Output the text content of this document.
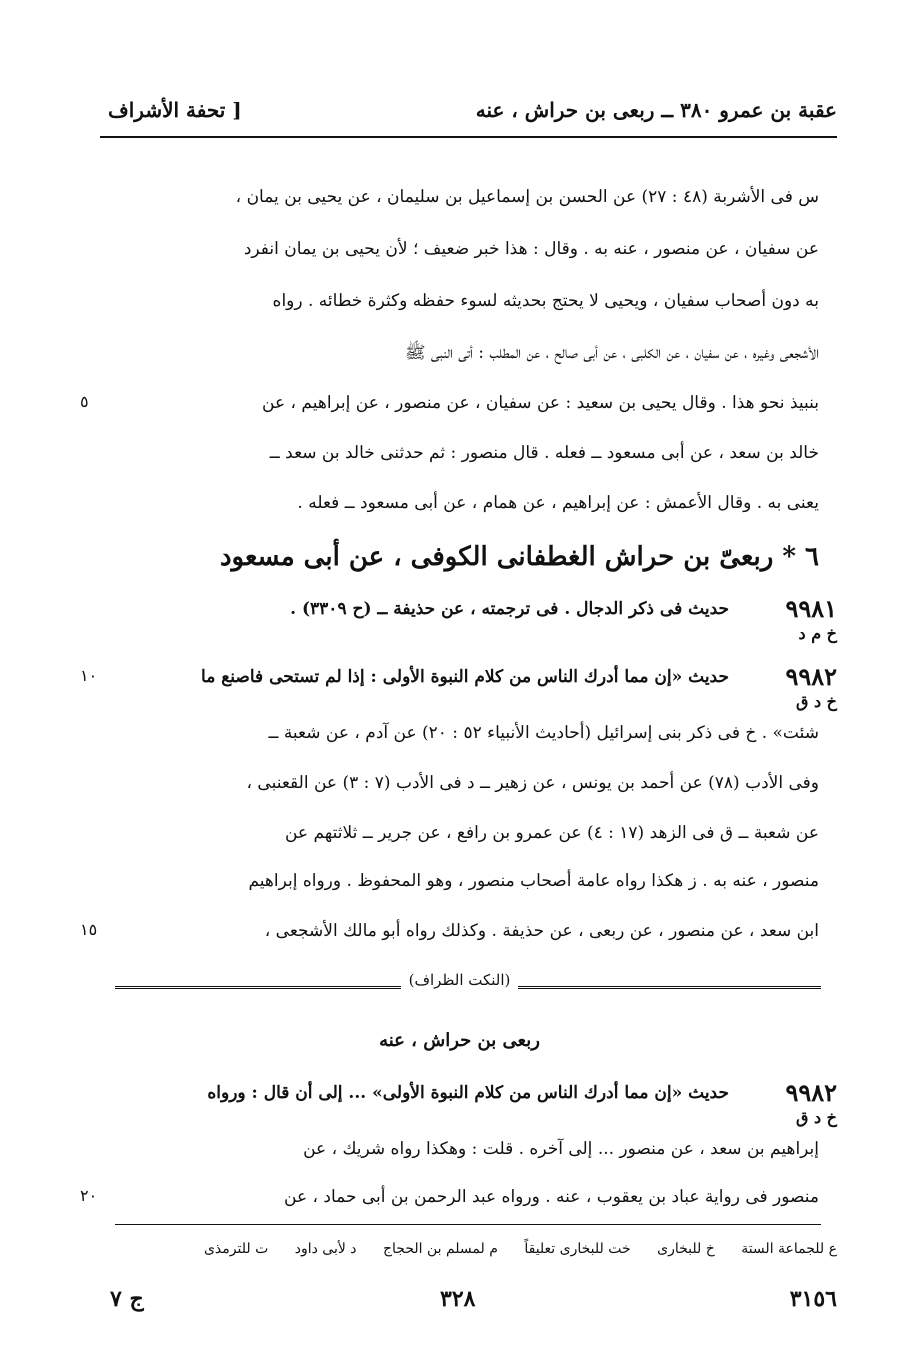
عقبة بن عمرو ٣٨٠ ــ ربعى بن حراش ، عنه
[ تحفة الأشراف
س فى الأشربة (٤٨ : ٢٧) عن الحسن بن إسماعيل بن سليمان ، عن يحيى بن يمان ،
عن سفيان ، عن منصور ، عنه به . وقال : هذا خبر ضعيف ؛ لأن يحيى بن يمان انفرد
به دون أصحاب سفيان ، ويحيى لا يحتج بحديثه لسوء حفظه وكثرة خطائه . رواه
الأشجعى وغيره ، عن سفيان ، عن الكلبى ، عن أبى صالح ، عن المطلب : أتى النبى ﷺ
بنبيذ نحو هذا . وقال يحيى بن سعيد : عن سفيان ، عن منصور ، عن إبراهيم ، عن
٥
خالد بن سعد ، عن أبى مسعود ــ فعله . قال منصور : ثم حدثنى خالد بن سعد ــ
يعنى به . وقال الأعمش : عن إبراهيم ، عن همام ، عن أبى مسعود ــ فعله .
٦ * ربعىّ بن حراش الغطفانى الكوفى ، عن أبى مسعود
٩٩٨١
حديث فى ذكر الدجال . فى ترجمته ، عن حذيفة ــ (ح ٣٣٠٩) .
خ م د
٩٩٨٢
حديث «إن مما أدرك الناس من كلام النبوة الأولى : إذا لم تستحى فاصنع ما
١٠
خ د ق
شئت» . خ فى ذكر بنى إسرائيل (أحاديث الأنبياء ٥٢ : ٢٠) عن آدم ، عن شعبة ــ
وفى الأدب (٧٨) عن أحمد بن يونس ، عن زهير ــ د فى الأدب (٧ : ٣) عن القعنبى ،
عن شعبة ــ ق فى الزهد (١٧ : ٤) عن عمرو بن رافع ، عن جرير ــ ثلاثتهم عن
منصور ، عنه به . ز هكذا رواه عامة أصحاب منصور ، وهو المحفوظ . ورواه إبراهيم
ابن سعد ، عن منصور ، عن ربعى ، عن حذيفة . وكذلك رواه أبو مالك الأشجعى ،
١٥
(النكت الظراف)
ربعى بن حراش ، عنه
٩٩٨٢
حديث «إن مما أدرك الناس من كلام النبوة الأولى» ... إلى أن قال : ورواه
خ د ق
إبراهيم بن سعد ، عن منصور ... إلى آخره . قلت : وهكذا رواه شريك ، عن
منصور فى رواية عباد بن يعقوب ، عنه . ورواه عبد الرحمن بن أبى حماد ، عن
٢٠
ع للجماعة الستة خ للبخارى خت للبخارى تعليقاً م لمسلم بن الحجاج د لأبى داود ت للترمذى
٣١٥٦
٣٢٨
ج ٧
